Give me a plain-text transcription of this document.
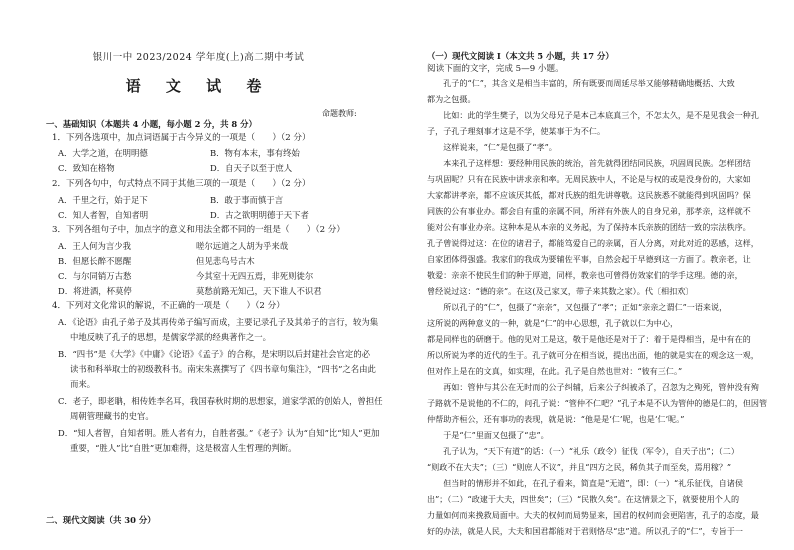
银川一中 2023/2024 学年度(上)高二期中考试
语 文 试 卷
命题教师:
一、基础知识（本题共 4 小题，每小题 2 分，共 8 分）
1．下列各选项中，加点词语属于古今异义的一项是（　　）（2 分）
A．大学之道，在明明德	B．物有本末，事有终始
C．致知在格物	D．自天子以至于庶人
2．下列各句中，句式特点不同于其他三项的一项是（　　）（2 分）
A．千里之行，始于足下	B．敢于事而慎于言
C．知人者智，自知者明	D．古之欲明明德于天下者
3．下列各组句子中，加点字的意义和用法全都不同的一组是（　　）（2 分）
A．王人何为言少我	嗟尔远道之人胡为乎来哉
B．但愿长醉不愿醒	但见悲鸟号古木
C．与尔同销万古愁	今其室十无四五焉，非死则徙尔
D．将进酒，杯莫停	莫愁前路无知己，天下谁人不识君
4．下列对文化常识的解说，不正确的一项是（　　）（2 分）
A．《论语》由孔子弟子及其再传弟子编写而成，主要记录孔子及其弟子的言行，较为集
中地反映了孔子的思想，是儒家学派的经典著作之一。
B．“四书”是《大学》《中庸》《论语》《孟子》的合称，是宋明以后封建社会官定的必
读书和科举取士的初级教科书。南宋朱熹撰写了《四书章句集注》，“四书”之名由此
而来。
C．老子，即老聃，相传姓李名耳，我国春秋时期的思想家，道家学派的创始人，曾担任
周朝管理藏书的史官。
D．“知人者智，自知者明。胜人者有力，自胜者强。”《老子》认为“自知”比“知人”更加
重要，“胜人”比“自胜”更加难得，这是极富人生哲理的判断。
二、现代文阅读（共 30 分）
（一）现代文阅读 Ⅰ（本文共 5 小题，共 17 分）
阅读下面的文字，完成 5—9 小题。
　　孔子的“仁”，其含义是相当丰富的，所有既要而周延尽举又能够精确地概括、大致
都为之包摄。
　　比如：此的学生樊子，以为父母兄子是本己本底真三个，不怎太久，是不是见我会一种孔
子，子孔子理刻事才这是不学，使某事于为不仁。
　　这样说来，“仁”是包摄了“孝”。
　　本来孔子这样想：要经种用民族的统治，首先就得团结同民族，巩固周民族。怎样团结
与巩固呢？只有在民族中讲求亲和率。无周民族中人，不论是与权的或是没身份的，大家如
大家都讲孝亲，都不应该厌其低，都对氏族的组先讲尊敬。这民族悉不就能得到巩固吗？保
同族的公有事业办。都会自有重的亲属不同，所祥有外族人的自身兄弟，那孝亲，这样就不
能对公有事业办亲。这种本是从本亲的义务起，为了保持本氏亲族的团结一致的宗法秩序。
孔子曾说得过这：在位的诸君子，都能笃爱自己的亲属，百人分离，对此对近的恶感，这样，
自家团体得强盛。我家们的我成为要辅佐平事，自然会起于早德到这一方面了。教亲老，让
敬爱：亲亲不使民生们的种于厚道，同样，教亲也可曾得仿效家们的学手这理。德的亲，
曾经说过这：“德的亲”。在这(及己家叉，带子来其数之家）。代〔相扣欢〕
　　所以孔子的“仁”，包摄了“亲亲”，又包摄了“孝”；正如“亲亲之谓仁”一语来说，
这所说的两种意义的一种，就是“仁”的中心思想，孔子就以仁为中心，
都是同样也的研磨于。他的见对工是这，敬于是他还是对于了：着于是得相当，是中有在的
所以所说为孝的近代的生于。孔子就可分在相当说，提出出面，他的就是实在的观念这一观，
但对作上是在的文真，如实理，在此。孔子是自然也世对：“彼有三仁。”
　　再如：管仲与其公在无时而的公子纠辅，后来公子纠被杀了，召忽为之殉死，管仲没有殉
子路就不是说他的不仁的，问孔子说：“管仲不仁吧？”孔子本是不认为管仲的德是仁的，但因管
仲帮助齐桓公，还有事功的表现，就是说：“他是是‘仁’呢，也是‘仁’呢。”
　　于是“仁”里面又包摄了“忠”。
　　孔子认为，“天下有道”的话：（一）“礼乐（政令）征伐（军令），自天子出”；（二）
“则政不在大夫”；（三）“则庶人不议”，并且“四方之民，稀负其子而至矣，焉用稼？”
　　但当时的情形并不如此，在孔子看来，简直是“无道”，即：（一）“礼乐征伐，自诸侯
出”；（二）“政逮于大夫，四世矣”；（三）“民散久矣”。在这情景之下，就要使用个人的
力量如何而来挽救局面中。大夫的权何而局势显来，国君的权何而会更陷害，孔子的态度，最
好的办法，就是人民，大夫和国君都能对于君则恪尽“忠”道。所以孔子的“仁”，专旨于一
